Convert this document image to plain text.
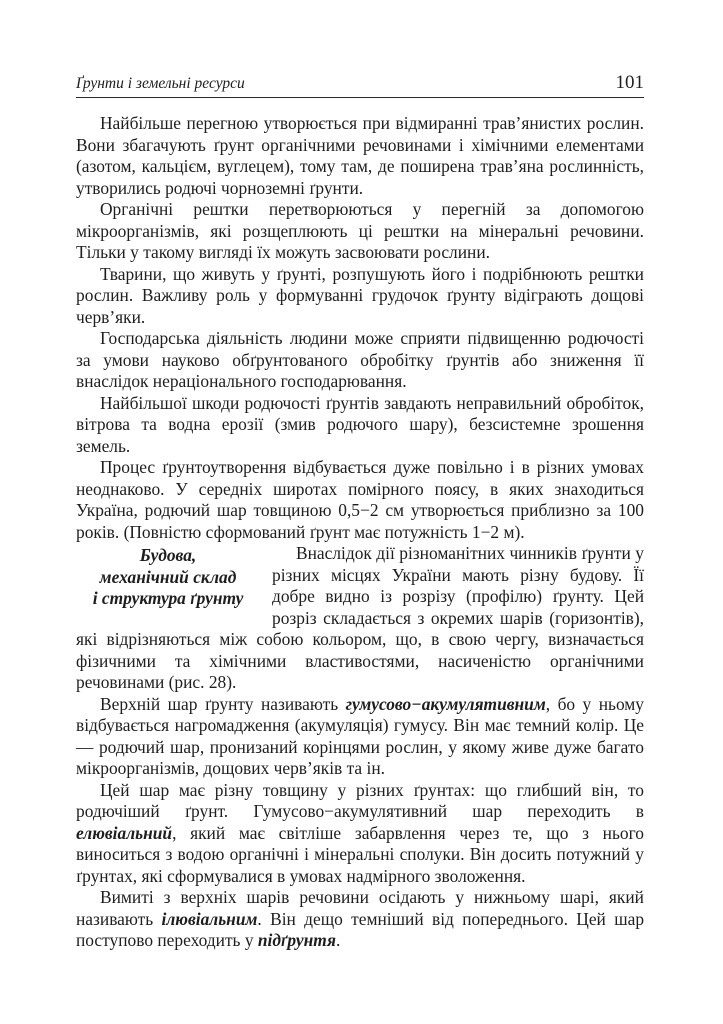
Ґрунти і земельні ресурси	101

Найбільше перегною утворюється при відмиранні трав’янистих рослин. Вони збагачують ґрунт органічними речовинами і хімічними елементами (азотом, кальцієм, вуглецем), тому там, де поширена трав’яна рослинність, утворились родючі чорноземні ґрунти.

Органічні рештки перетворюються у перегній за допомогою мікроорганізмів, які розщеплюють ці рештки на мінеральні речовини. Тільки у такому вигляді їх можуть засвоювати рослини.

Тварини, що живуть у ґрунті, розпушують його і подрібнюють рештки рослин. Важливу роль у формуванні грудочок ґрунту відіграють дощові черв’яки.

Господарська діяльність людини може сприяти підвищенню родючості за умови науково обґрунтованого обробітку ґрунтів або зниження її внаслідок нераціонального господарювання.

Найбільшої шкоди родючості ґрунтів завдають неправильний обробіток, вітрова та водна ерозії (змив родючого шару), безсистемне зрошення земель.

Процес ґрунтоутворення відбувається дуже повільно і в різних умовах неоднаково. У середніх широтах помірного поясу, в яких знаходиться Україна, родючий шар товщиною 0,5−2 см утворюється приблизно за 100 років. (Повністю сформований ґрунт має потужність 1−2 м).

Будова,
механічний склад
і структура ґрунту

Внаслідок дії різноманітних чинників ґрунти у різних місцях України мають різну будову. Її добре видно із розрізу (профілю) ґрунту. Цей розріз складається з окремих шарів (горизонтів), які відрізняються між собою кольором, що, в свою чергу, визначається фізичними та хімічними властивостями, насиченістю органічними речовинами (рис. 28).

Верхній шар ґрунту називають гумусово−акумулятивним, бо у ньому відбувається нагромадження (акумуляція) гумусу. Він має темний колір. Це — родючий шар, пронизаний корінцями рослин, у якому живе дуже багато мікроорганізмів, дощових черв’яків та ін.

Цей шар має різну товщину у різних ґрунтах: що глибший він, то родючіший ґрунт. Гумусово−акумулятивний шар переходить в елювіальний, який має світліше забарвлення через те, що з нього виноситься з водою органічні і мінеральні сполуки. Він досить потужний у ґрунтах, які сформувалися в умовах надмірного зволоження.

Вимиті з верхніх шарів речовини осідають у нижньому шарі, який називають ілювіальним. Він дещо темніший від попереднього. Цей шар поступово переходить у підґрунтя.
